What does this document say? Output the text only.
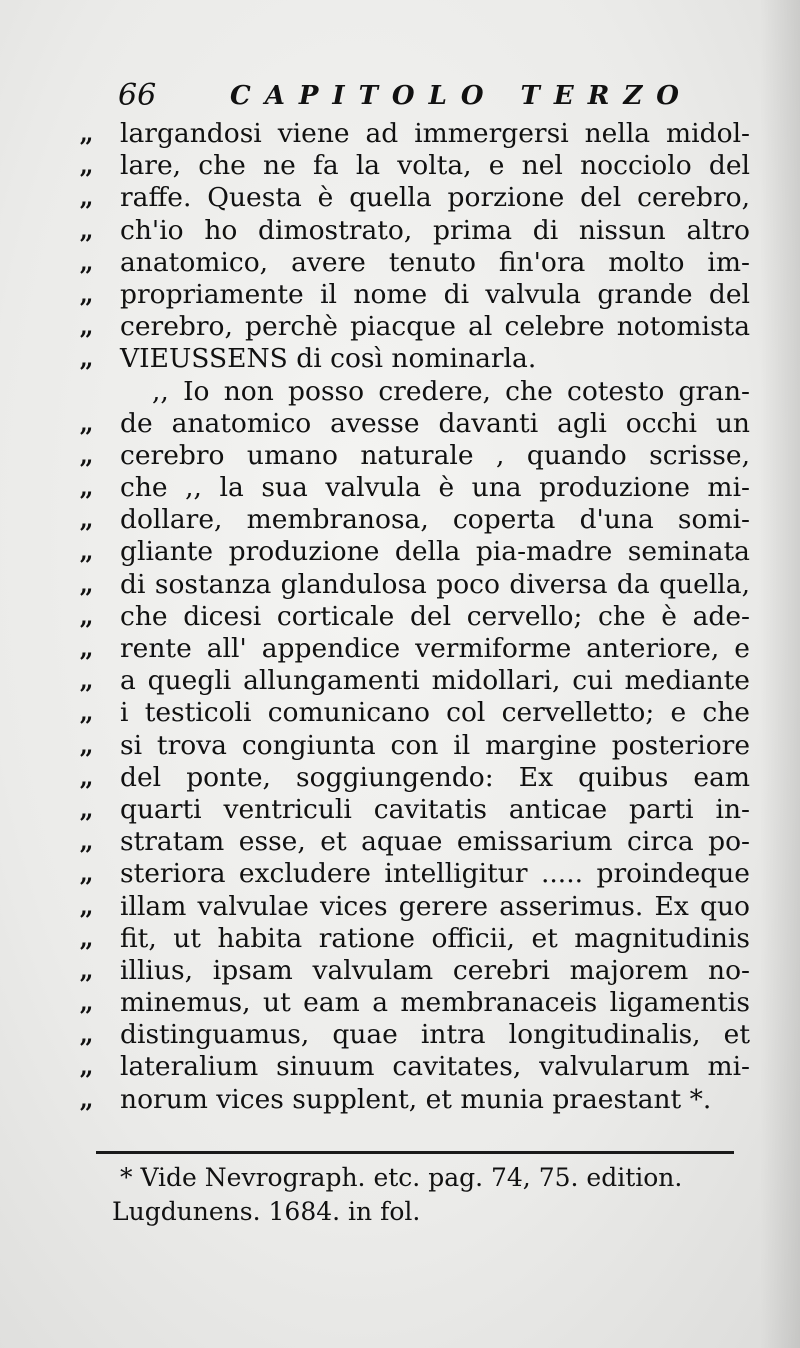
66	CAPITOLO TERZO
,,	largandosi viene ad immergersi nella midol-
,,	lare, che ne fa la volta, e nel nocciolo del
,,	raffe. Questa è quella porzione del cerebro,
,,	ch'io ho dimostrato, prima di nissun altro
,,	anatomico, avere tenuto fin'ora molto im-
,,	propriamente il nome di valvula grande del
,,	cerebro, perchè piacque al celebre notomista
,,	VIEUSSENS di così nominarla.
,, Io non posso credere, che cotesto gran-
,,	de anatomico avesse davanti agli occhi un
,,	cerebro umano naturale , quando scrisse,
,,	che ,, la sua valvula è una produzione mi-
,,	dollare, membranosa, coperta d'una somi-
,,	gliante produzione della pia-madre seminata
,,	di sostanza glandulosa poco diversa da quella,
,,	che dicesi corticale del cervello; che è ade-
,,	rente all' appendice vermiforme anteriore, e
,,	a quegli allungamenti midollari, cui mediante
,,	i testicoli comunicano col cervelletto; e che
,,	si trova congiunta con il margine posteriore
,,	del ponte, soggiungendo: Ex quibus eam
,,	quarti ventriculi cavitatis anticae parti in-
,,	stratam esse, et aquae emissarium circa po-
,,	steriora excludere intelligitur ..... proindeque
,,	illam valvulae vices gerere asserimus. Ex quo
,,	fit, ut habita ratione officii, et magnitudinis
,,	illius, ipsam valvulam cerebri majorem no-
,,	minemus, ut eam a membranaceis ligamentis
,,	distinguamus, quae intra longitudinalis, et
,,	lateralium sinuum cavitates, valvularum mi-
,,	norum vices supplent, et munia praestant *.
* Vide Nevrograph. etc. pag. 74, 75. edition.
Lugdunens. 1684. in fol.
